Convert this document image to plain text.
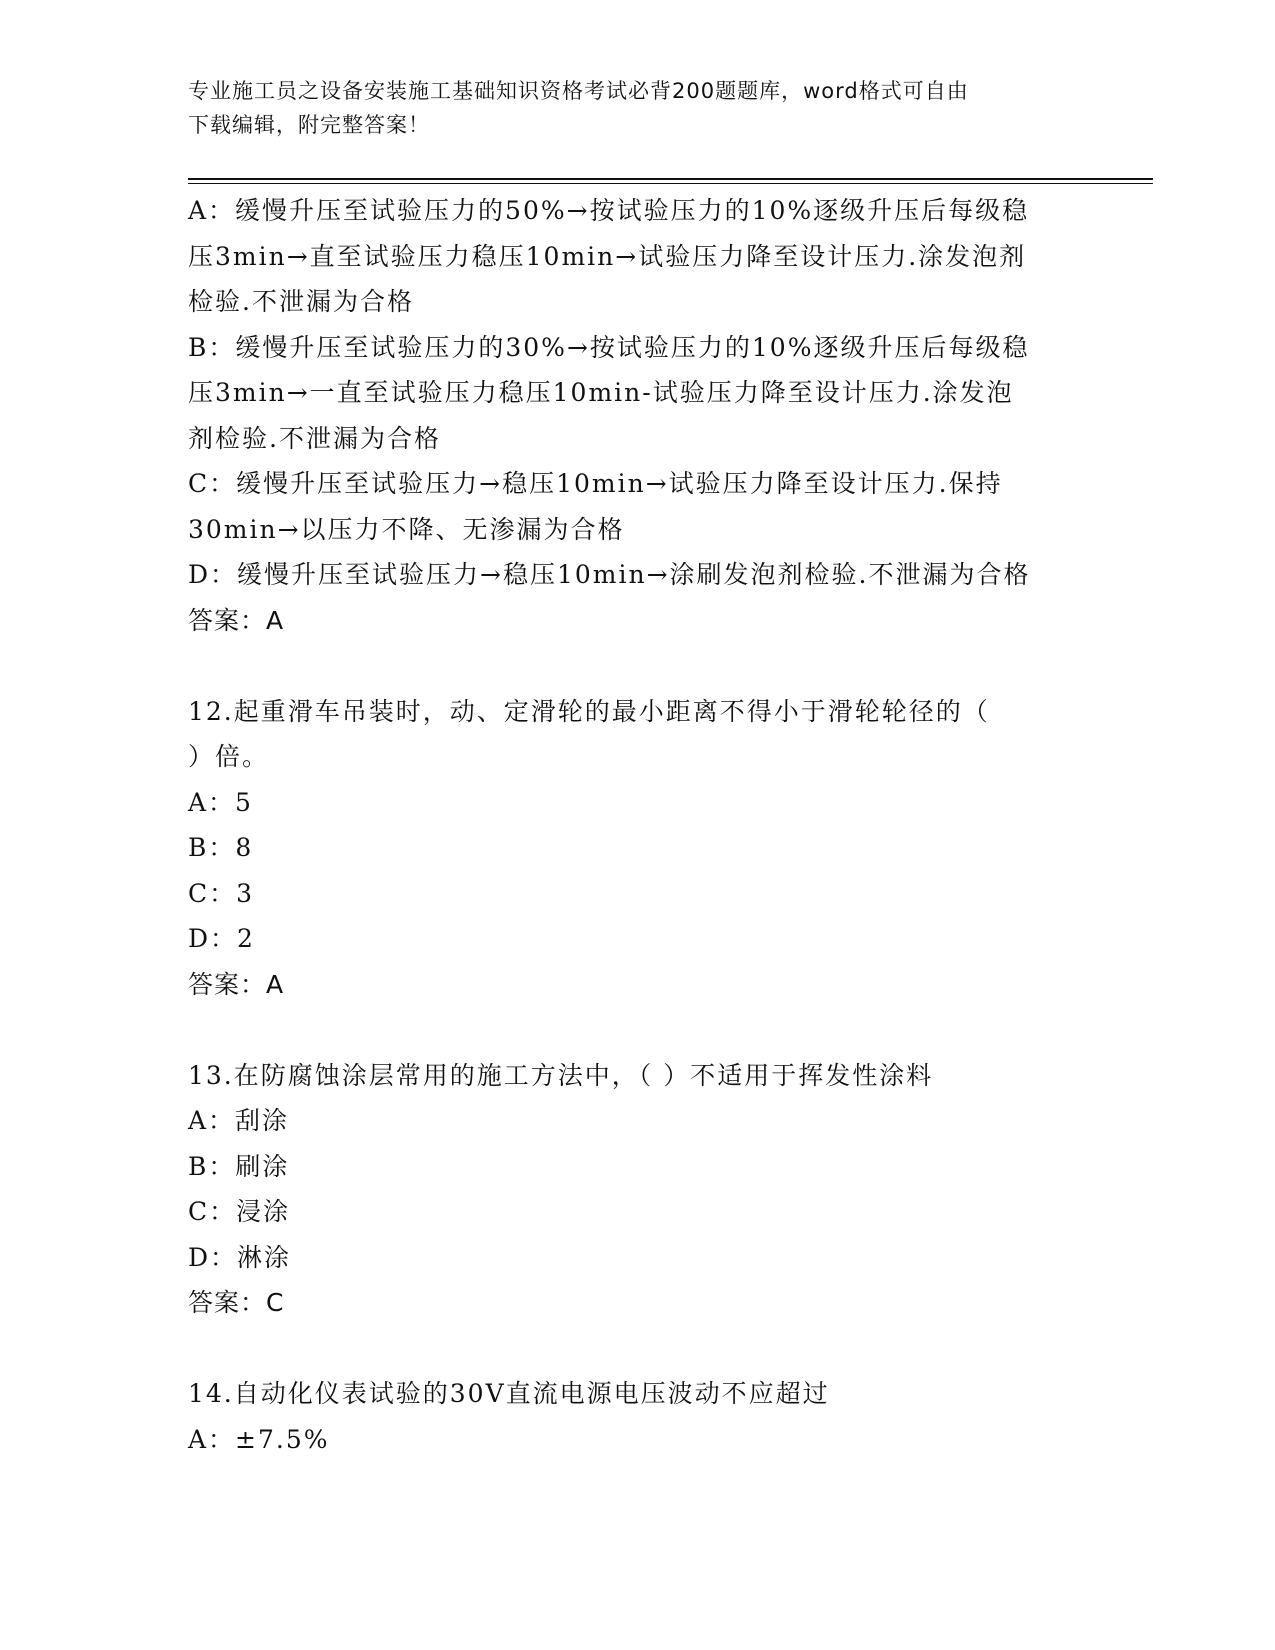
专业施工员之设备安装施工基础知识资格考试必背200题题库，word格式可自由
下载编辑，附完整答案！
A：缓慢升压至试验压力的50%→按试验压力的10%逐级升压后每级稳
压3min→直至试验压力稳压10min→试验压力降至设计压力.涂发泡剂
检验.不泄漏为合格
B：缓慢升压至试验压力的30%→按试验压力的10%逐级升压后每级稳
压3min→一直至试验压力稳压10min-试验压力降至设计压力.涂发泡
剂检验.不泄漏为合格
C：缓慢升压至试验压力→稳压10min→试验压力降至设计压力.保持
30min→以压力不降、无渗漏为合格
D：缓慢升压至试验压力→稳压10min→涂刷发泡剂检验.不泄漏为合格
答案：A
12.起重滑车吊装时，动、定滑轮的最小距离不得小于滑轮轮径的（
）倍。
A：5
B：8
C：3
D：2
答案：A
13.在防腐蚀涂层常用的施工方法中，（ ）不适用于挥发性涂料
A：刮涂
B：刷涂
C：浸涂
D：淋涂
答案：C
14.自动化仪表试验的30V直流电源电压波动不应超过
A：±7.5%
